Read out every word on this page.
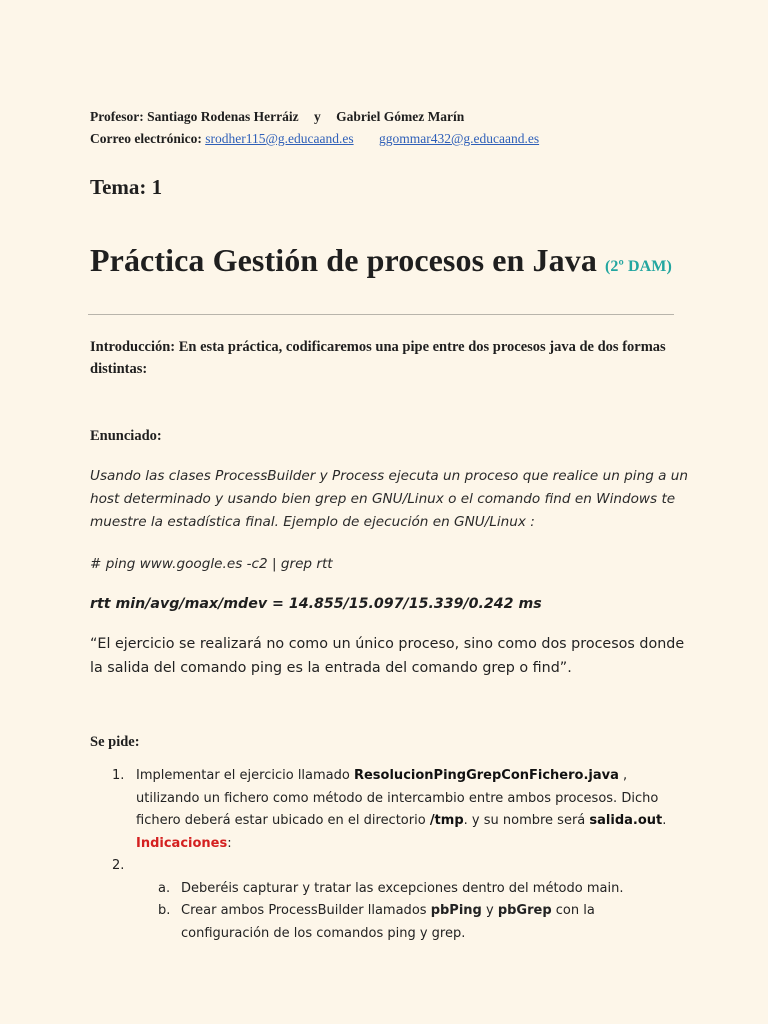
Profesor: Santiago Rodenas Herráiz y Gabriel Gómez Marín
Correo electrónico: srodher115@g.educaand.es ggommar432@g.educaand.es
Tema: 1
Práctica Gestión de procesos en Java (2º DAM)
Introducción: En esta práctica, codificaremos una pipe entre dos procesos java de dos formas distintas:
Enunciado:
Usando las clases ProcessBuilder y Process ejecuta un proceso que realice un ping a un host determinado y usando bien grep en GNU/Linux o el comando find en Windows te muestre la estadística final. Ejemplo de ejecución en GNU/Linux :
# ping www.google.es -c2 | grep rtt
rtt min/avg/max/mdev = 14.855/15.097/15.339/0.242 ms
“El ejercicio se realizará no como un único proceso, sino como dos procesos donde la salida del comando ping es la entrada del comando grep o find”.
Se pide:
1. Implementar el ejercicio llamado ResolucionPingGrepConFichero.java , utilizando un fichero como método de intercambio entre ambos procesos. Dicho fichero deberá estar ubicado en el directorio /tmp. y su nombre será salida.out. Indicaciones:
2.

a. Deberéis capturar y tratar las excepciones dentro del método main.
b. Crear ambos ProcessBuilder llamados pbPing y pbGrep con la configuración de los comandos ping y grep.
